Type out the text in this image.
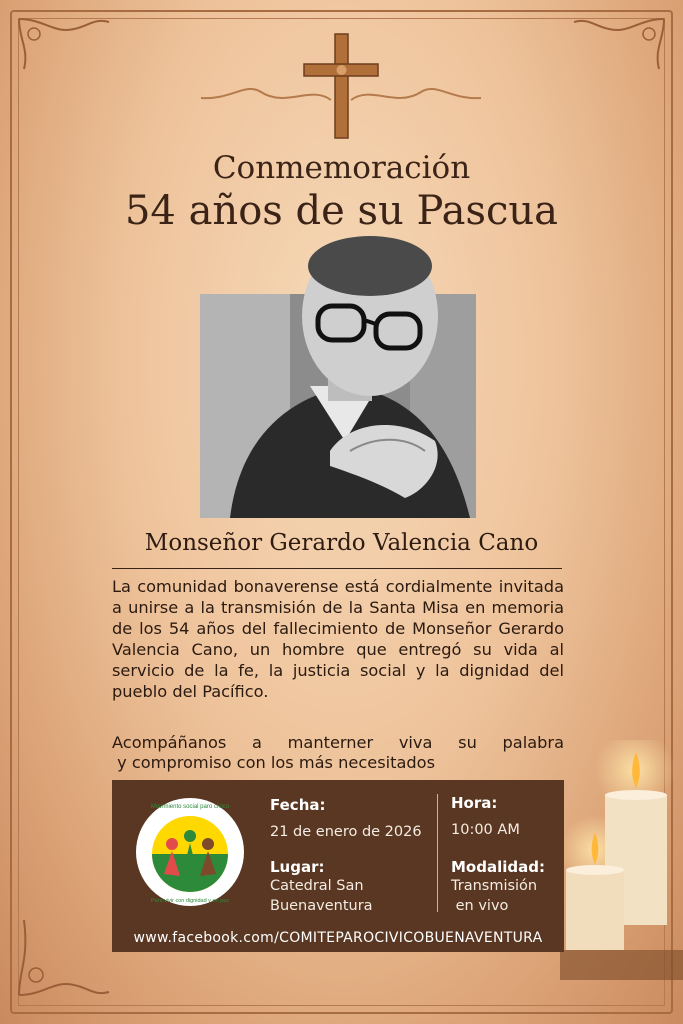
Conmemoración
54 años de su Pascua
Monseñor Gerardo Valencia Cano
La comunidad bonaverense está cordialmente invitada a unirse a la transmisión de la Santa Misa en memoria de los 54 años del fallecimiento de Monseñor Gerardo Valencia Cano, un hombre que entregó su vida al servicio de la fe, la justicia social y la dignidad del pueblo del Pacífico.
Acompáñanos a manterner viva su palabra
y compromiso con los más necesitados
Movimiento social paro cívico
Para vivir con dignidad y en paz
Fecha:
21 de enero de 2026
Lugar:
Catedral San
Buenaventura
Hora:
10:00 AM
Modalidad:
Transmisión
en vivo
www.facebook.com/COMITEPAROCIVICOBUENAVENTURA
